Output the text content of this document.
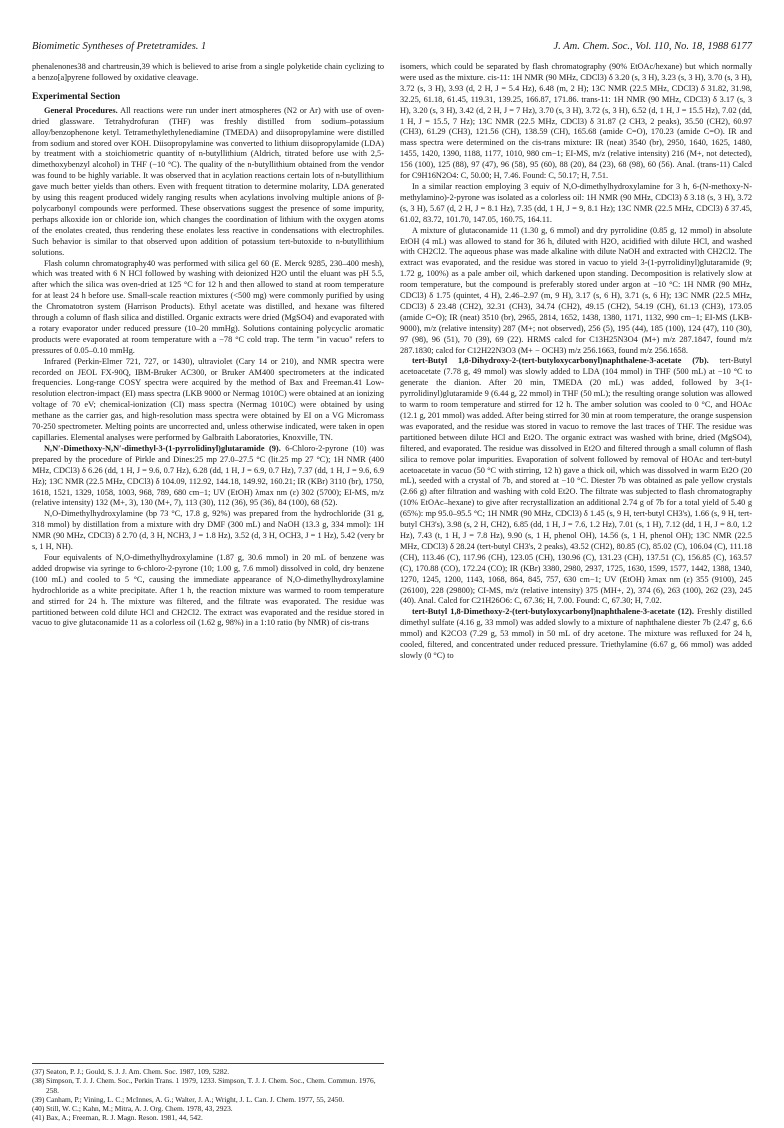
Biomimetic Syntheses of Pretetramides. 1	J. Am. Chem. Soc., Vol. 110, No. 18, 1988 6177

phenalenones38 and chartreusin,39 which is believed to arise from a single polyketide chain cyclizing to a benzo[a]pyrene followed by oxidative cleavage.

Experimental Section

General Procedures. All reactions were run under inert atmospheres (N2 or Ar) with use of oven-dried glassware. Tetrahydrofuran (THF) was freshly distilled from sodium–potassium alloy/benzophenone ketyl. Tetramethylethylenediamine (TMEDA) and diisopropylamine were distilled from sodium and stored over KOH. Diisopropylamine was converted to lithium diisopropylamide (LDA) by treatment with a stoichiometric quantity of n-butyllithium (Aldrich, titrated before use with 2,5-dimethoxybenzyl alcohol) in THF (−10 °C). The quality of the n-butyllithium obtained from the vendor was found to be highly variable. It was observed that in acylation reactions certain lots of n-butyllithium gave much better yields than others. Even with frequent titration to determine molarity, LDA generated by using this reagent produced widely ranging results when acylations involving multiple anions of β-polycarbonyl compounds were performed. These observations suggest the presence of some impurity, perhaps alkoxide ion or chloride ion, which changes the coordination of lithium with the oxygen atoms of the enolates created, thus rendering these enolates less reactive in condensations with electrophiles. Such behavior is similar to that observed upon addition of potassium tert-butoxide to n-butyllithium solutions.

Flash column chromatography40 was performed with silica gel 60 (E. Merck 9285, 230–400 mesh), which was treated with 6 N HCl followed by washing with deionized H2O until the eluant was pH 5.5, after which the silica was oven-dried at 125 °C for 12 h and then allowed to stand at room temperature for at least 24 h before use. Small-scale reaction mixtures (<500 mg) were commonly purified by using the Chromatotron system (Harrison Products). Ethyl acetate was distilled, and hexane was filtered through a column of flash silica and distilled. Organic extracts were dried (MgSO4) and evaporated with a rotary evaporator under reduced pressure (10–20 mmHg). Solutions containing polycyclic aromatic products were evaporated at room temperature with a −78 °C cold trap. The term "in vacuo" refers to pressures of 0.05–0.10 mmHg.

Infrared (Perkin-Elmer 721, 727, or 1430), ultraviolet (Cary 14 or 210), and NMR spectra were recorded on JEOL FX-90Q, IBM-Bruker AC300, or Bruker AM400 spectrometers at the indicated frequencies. Long-range COSY spectra were acquired by the method of Bax and Freeman.41 Low-resolution electron-impact (EI) mass spectra (LKB 9000 or Nermag 1010C) were obtained at an ionizing voltage of 70 eV; chemical-ionization (CI) mass spectra (Nermag 1010C) were obtained by using methane as the carrier gas, and high-resolution mass spectra were obtained by EI on a VG Micromass 70-250 spectrometer. Melting points are uncorrected and, unless otherwise indicated, were taken in open capillaries. Elemental analyses were performed by Galbraith Laboratories, Knoxville, TN.

N,N′-Dimethoxy-N,N′-dimethyl-3-(1-pyrrolidinyl)glutaramide (9). 6-Chloro-2-pyrone (10) was prepared by the procedure of Pirkle and Dines:25 mp 27.0–27.5 °C (lit.25 mp 27 °C); 1H NMR (400 MHz, CDCl3) δ 6.26 (dd, 1 H, J = 9.6, 0.7 Hz), 6.28 (dd, 1 H, J = 6.9, 0.7 Hz), 7.37 (dd, 1 H, J = 9.6, 6.9 Hz); 13C NMR (22.5 MHz, CDCl3) δ 104.09, 112.92, 144.18, 149.92, 160.21; IR (KBr) 3110 (br), 1750, 1618, 1521, 1329, 1058, 1003, 968, 789, 680 cm−1; UV (EtOH) λmax nm (ε) 302 (5700); EI-MS, m/z (relative intensity) 132 (M+, 3), 130 (M+, 7), 113 (30), 112 (36), 95 (36), 84 (100), 68 (52).

N,O-Dimethylhydroxylamine (bp 73 °C, 17.8 g, 92%) was prepared from the hydrochloride (31 g, 318 mmol) by distillation from a mixture with dry DMF (300 mL) and NaOH (13.3 g, 334 mmol): 1H NMR (90 MHz, CDCl3) δ 2.70 (d, 3 H, NCH3, J = 1.8 Hz), 3.52 (d, 3 H, OCH3, J = 1 Hz), 5.42 (very br s, 1 H, NH).

Four equivalents of N,O-dimethylhydroxylamine (1.87 g, 30.6 mmol) in 20 mL of benzene was added dropwise via syringe to 6-chloro-2-pyrone (10; 1.00 g, 7.6 mmol) dissolved in cold, dry benzene (100 mL) and cooled to 5 °C, causing the immediate appearance of N,O-dimethylhydroxylamine hydrochloride as a white precipitate. After 1 h, the reaction mixture was warmed to room temperature and stirred for 24 h. The mixture was filtered, and the filtrate was evaporated. The residue was partitioned between cold dilute HCl and CH2Cl2. The extract was evaporated and the residue stored in vacuo to give glutaconamide 11 as a colorless oil (1.62 g, 98%) in a 1:10 ratio (by NMR) of cis-trans

(37) Seaton, P. J.; Gould, S. J. J. Am. Chem. Soc. 1987, 109, 5282.
(38) Simpson, T. J. J. Chem. Soc., Perkin Trans. 1 1979, 1233. Simpson, T. J. J. Chem. Soc., Chem. Commun. 1976, 258.
(39) Canham, P.; Vining, L. C.; McInnes, A. G.; Walter, J. A.; Wright, J. L. Can. J. Chem. 1977, 55, 2450.
(40) Still, W. C.; Kahn, M.; Mitra, A. J. Org. Chem. 1978, 43, 2923.
(41) Bax, A.; Freeman, R. J. Magn. Reson. 1981, 44, 542.

isomers, which could be separated by flash chromatography (90% EtOAc/hexane) but which normally were used as the mixture. cis-11: 1H NMR (90 MHz, CDCl3) δ 3.20 (s, 3 H), 3.23 (s, 3 H), 3.70 (s, 3 H), 3.72 (s, 3 H), 3.93 (d, 2 H, J = 5.4 Hz), 6.48 (m, 2 H); 13C NMR (22.5 MHz, CDCl3) δ 31.82, 31.98, 32.25, 61.18, 61.45, 119.31, 139.25, 166.87, 171.86. trans-11: 1H NMR (90 MHz, CDCl3) δ 3.17 (s, 3 H), 3.20 (s, 3 H), 3.42 (d, 2 H, J = 7 Hz), 3.70 (s, 3 H), 3.72 (s, 3 H), 6.52 (d, 1 H, J = 15.5 Hz), 7.02 (dd, 1 H, J = 15.5, 7 Hz); 13C NMR (22.5 MHz, CDCl3) δ 31.87 (2 CH3, 2 peaks), 35.50 (CH2), 60.97 (CH3), 61.29 (CH3), 121.56 (CH), 138.59 (CH), 165.68 (amide C=O), 170.23 (amide C=O). IR and mass spectra were determined on the cis-trans mixture: IR (neat) 3540 (br), 2950, 1640, 1625, 1480, 1455, 1420, 1390, 1188, 1177, 1010, 980 cm−1; EI-MS, m/z (relative intensity) 216 (M+, not detected), 156 (100), 125 (88), 97 (47), 96 (58), 95 (60), 88 (20), 84 (23), 68 (98), 60 (56). Anal. (trans-11) Calcd for C9H16N2O4: C, 50.00; H, 7.46. Found: C, 50.17; H, 7.51.

In a similar reaction employing 3 equiv of N,O-dimethylhydroxylamine for 3 h, 6-(N-methoxy-N-methylamino)-2-pyrone was isolated as a colorless oil: 1H NMR (90 MHz, CDCl3) δ 3.18 (s, 3 H), 3.72 (s, 3 H), 5.67 (d, 2 H, J = 8.1 Hz), 7.35 (dd, 1 H, J = 9, 8.1 Hz); 13C NMR (22.5 MHz, CDCl3) δ 37.45, 61.02, 83.72, 101.70, 147.05, 160.75, 164.11.

A mixture of glutaconamide 11 (1.30 g, 6 mmol) and dry pyrrolidine (0.85 g, 12 mmol) in absolute EtOH (4 mL) was allowed to stand for 36 h, diluted with H2O, acidified with dilute HCl, and washed with CH2Cl2. The aqueous phase was made alkaline with dilute NaOH and extracted with CH2Cl2. The extract was evaporated, and the residue was stored in vacuo to yield 3-(1-pyrrolidinyl)glutaramide (9; 1.72 g, 100%) as a pale amber oil, which darkened upon standing. Decomposition is relatively slow at room temperature, but the compound is preferably stored under argon at −10 °C: 1H NMR (90 MHz, CDCl3) δ 1.75 (quintet, 4 H), 2.46–2.97 (m, 9 H), 3.17 (s, 6 H), 3.71 (s, 6 H); 13C NMR (22.5 MHz, CDCl3) δ 23.48 (CH2), 32.31 (CH3), 34.74 (CH2), 49.15 (CH2), 54.19 (CH), 61.13 (CH3), 173.05 (amide C=O); IR (neat) 3510 (br), 2965, 2814, 1652, 1438, 1380, 1171, 1132, 990 cm−1; EI-MS (LKB-9000), m/z (relative intensity) 287 (M+; not observed), 256 (5), 195 (44), 185 (100), 124 (47), 110 (30), 97 (98), 96 (51), 70 (39), 69 (22). HRMS calcd for C13H25N3O4 (M+) m/z 287.1847, found m/z 287.1830; calcd for C12H22N3O3 (M+ − OCH3) m/z 256.1663, found m/z 256.1658.

tert-Butyl 1,8-Dihydroxy-2-(tert-butyloxycarbonyl)naphthalene-3-acetate (7b). tert-Butyl acetoacetate (7.78 g, 49 mmol) was slowly added to LDA (104 mmol) in THF (500 mL) at −10 °C to generate the dianion. After 20 min, TMEDA (20 mL) was added, followed by 3-(1-pyrrolidinyl)glutaramide 9 (6.44 g, 22 mmol) in THF (50 mL); the resulting orange solution was allowed to warm to room temperature and stirred for 12 h. The amber solution was cooled to 0 °C, and HOAc (12.1 g, 201 mmol) was added. After being stirred for 30 min at room temperature, the orange suspension was evaporated, and the residue was stored in vacuo to remove the last traces of THF. The residue was partitioned between dilute HCl and Et2O. The organic extract was washed with brine, dried (MgSO4), filtered, and evaporated. The residue was dissolved in Et2O and filtered through a small column of flash silica to remove polar impurities. Evaporation of solvent followed by removal of HOAc and tert-butyl acetoacetate in vacuo (50 °C with stirring, 12 h) gave a thick oil, which was dissolved in warm Et2O (20 mL), seeded with a crystal of 7b, and stored at −10 °C. Diester 7b was obtained as pale yellow crystals (2.66 g) after filtration and washing with cold Et2O. The filtrate was subjected to flash chromatography (10% EtOAc–hexane) to give after recrystallization an additional 2.74 g of 7b for a total yield of 5.40 g (65%): mp 95.0–95.5 °C; 1H NMR (90 MHz, CDCl3) δ 1.45 (s, 9 H, tert-butyl CH3's), 1.66 (s, 9 H, tert-butyl CH3's), 3.98 (s, 2 H, CH2), 6.85 (dd, 1 H, J = 7.6, 1.2 Hz), 7.01 (s, 1 H), 7.12 (dd, 1 H, J = 8.0, 1.2 Hz), 7.43 (t, 1 H, J = 7.8 Hz), 9.90 (s, 1 H, phenol OH), 14.56 (s, 1 H, phenol OH); 13C NMR (22.5 MHz, CDCl3) δ 28.24 (tert-butyl CH3's, 2 peaks), 43.52 (CH2), 80.85 (C), 85.02 (C), 106.04 (C), 111.18 (CH), 113.46 (C), 117.96 (CH), 123.05 (CH), 130.96 (C), 131.23 (CH), 137.51 (C), 156.85 (C), 163.57 (C), 170.88 (CO), 172.24 (CO); IR (KBr) 3380, 2980, 2937, 1725, 1630, 1599, 1577, 1442, 1388, 1340, 1270, 1245, 1200, 1143, 1068, 864, 845, 757, 630 cm−1; UV (EtOH) λmax nm (ε) 355 (9100), 245 (26100), 228 (29800); CI-MS, m/z (relative intensity) 375 (MH+, 2), 374 (6), 263 (100), 262 (23), 245 (40). Anal. Calcd for C21H26O6: C, 67.36; H, 7.00. Found: C, 67.30; H, 7.02.

tert-Butyl 1,8-Dimethoxy-2-(tert-butyloxycarbonyl)naphthalene-3-acetate (12). Freshly distilled dimethyl sulfate (4.16 g, 33 mmol) was added slowly to a mixture of naphthalene diester 7b (2.47 g, 6.6 mmol) and K2CO3 (7.29 g, 53 mmol) in 50 mL of dry acetone. The mixture was refluxed for 24 h, cooled, filtered, and concentrated under reduced pressure. Triethylamine (6.67 g, 66 mmol) was added slowly (0 °C) to
